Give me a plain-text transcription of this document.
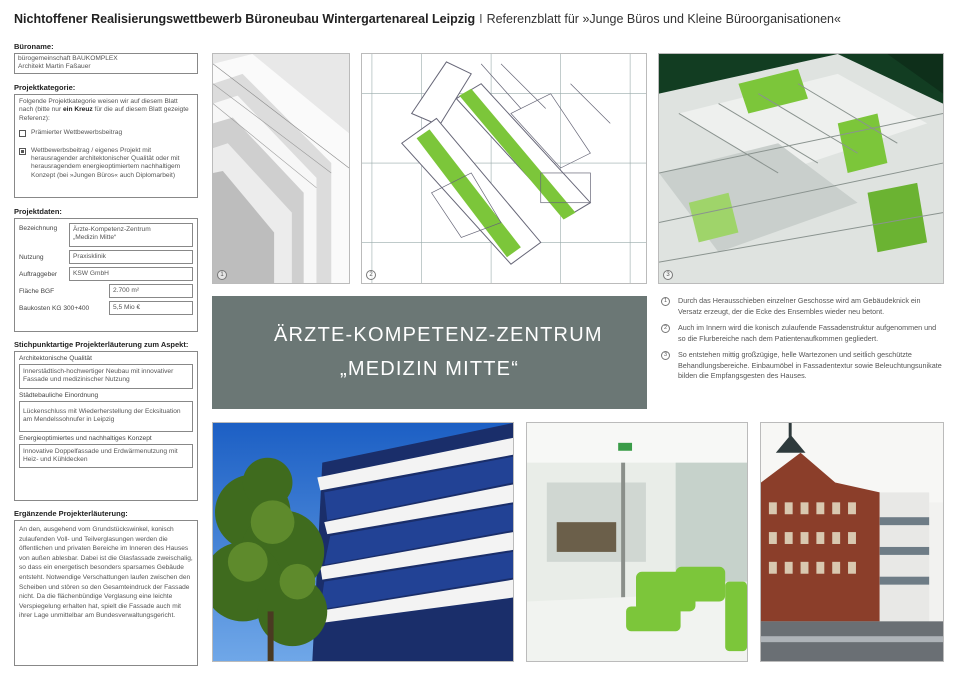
Nichtoffener Realisierungswettbewerb Büroneubau Wintergartenareal Leipzig I Referenzblatt für »Junge Büros und Kleine Büroorganisationen«
Büroname:
bürogemeinschaft BAUKOMPLEX
Architekt Martin Faßauer
Projektkategorie:
Folgende Projektkategorie weisen wir auf diesem Blatt nach (bitte nur ein Kreuz für die auf diesem Blatt gezeigte Referenz):
Prämierter Wettbewerbsbeitrag
Wettbewerbsbeitrag / eigenes Projekt mit herausragender architektonischer Qualität oder mit herausragendem energieoptimiertem nachhaltigem Konzept (bei »Jungen Büros« auch Diplomarbeit)
Projektdaten:
Bezeichnung	Ärzte-Kompetenz-Zentrum
„Medizin Mitte“
Nutzung	Praxisklinik
Auftraggeber	KSW GmbH
Fläche BGF	2.700 m²
Baukosten KG 300+400	5,5 Mio €
Stichpunktartige Projekterläuterung zum Aspekt:
Architektonische Qualität
Innerstädtisch-hochwertiger Neubau mit innovativer Fassade und medizinischer Nutzung
Städtebauliche Einordnung
Lückenschluss mit Wiederherstellung der Ecksituation am Mendelssohnufer in Leipzig
Energieoptimiertes und nachhaltiges Konzept
Innovative Doppelfassade und Erdwärmenutzung mit Heiz- und Kühldecken
Ergänzende Projekterläuterung:
An den, ausgehend vom Grundstückswinkel, konisch zulaufenden Voll- und Teilverglasungen werden die öffentlichen und privaten Bereiche im Inneren des Hauses von außen ablesbar. Dabei ist die Glasfassade zweischalig, so dass ein energetisch besonders sparsames Gebäude entsteht. Notwendige Verschattungen laufen zwischen den Scheiben und stören so den Gesamteindruck der Fassade nicht. Da die flächenbündige Verglasung eine leichte Verspiegelung erhalten hat, spielt die Fassade auch mit ihrer Lage unmittelbar am Bundesverwaltungsgericht.
1	2	3
ÄRZTE-KOMPETENZ-ZENTRUM
„MEDIZIN MITTE“
1	Durch das Herausschieben einzelner Geschosse wird am Gebäudeknick ein Versatz erzeugt, der die Ecke des Ensembles wieder neu betont.
2	Auch im Innern wird die konisch zulaufende Fassadenstruktur aufgenommen und so die Flurbereiche nach dem Patientenaufkommen gegliedert.
3	So entstehen mittig großzügige, helle Wartezonen und seitlich geschützte Behandlungsbereiche. Einbaumöbel in Fassadentextur sowie Beleuchtungsunikate bilden die Empfangsgesten des Hauses.
